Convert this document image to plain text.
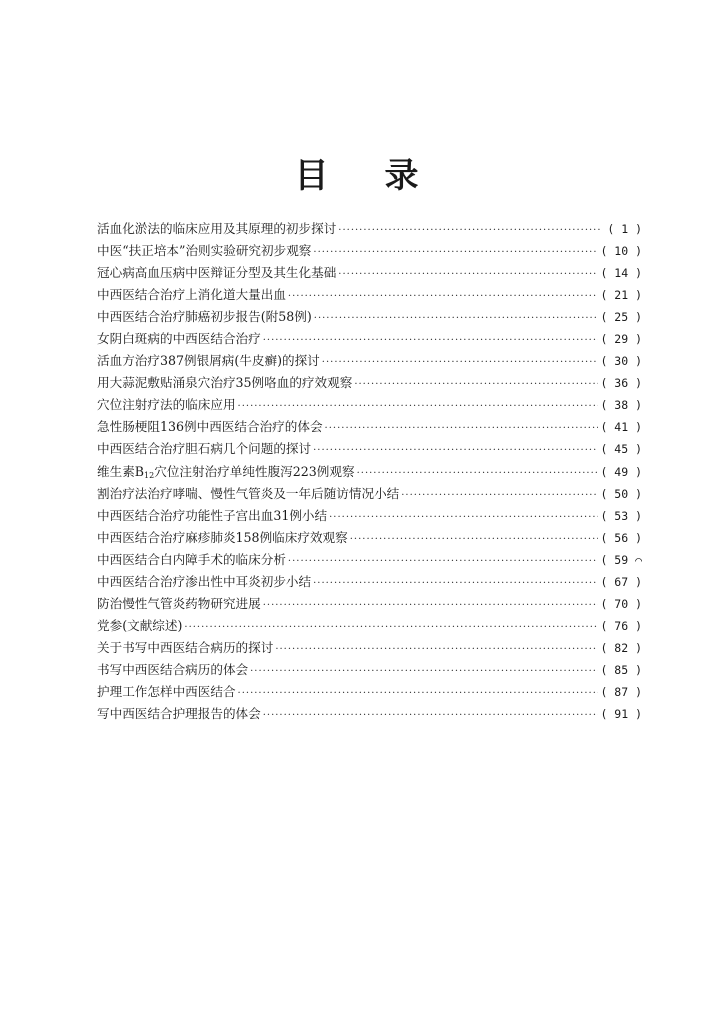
目 录
活血化淤法的临床应用及其原理的初步探讨 ·····	( 1 )
中医“扶正培本”治则实验研究初步观察 ·····	( 10 )
冠心病高血压病中医辩证分型及其生化基础 ·····	( 14 )
中西医结合治疗上消化道大量出血 ·····	( 21 )
中西医结合治疗肺癌初步报告(附58例) ·····	( 25 )
女阴白斑病的中西医结合治疗 ·····	( 29 )
活血方治疗387例银屑病(牛皮癣)的探讨 ·····	( 30 )
用大蒜泥敷贴涌泉穴治疗35例咯血的疗效观察 ·····	( 36 )
穴位注射疗法的临床应用 ·····	( 38 )
急性肠梗阻136例中西医结合治疗的体会 ·····	( 41 )
中西医结合治疗胆石病几个问题的探讨 ·····	( 45 )
维生素$B_{12}$穴位注射治疗单纯性腹泻223例观察 ·····	( 49 )
割治疗法治疗哮喘、慢性气管炎及一年后随访情况小结 ·····	( 50 )
中西医结合治疗功能性子宫出血31例小结 ·····	( 53 )
中西医结合治疗麻疹肺炎158例临床疗效观察 ·····	( 56 )
中西医结合白内障手术的临床分析 ·····	( 59 ⌒
中西医结合治疗渗出性中耳炎初步小结 ·····	( 67 )
防治慢性气管炎药物研究进展 ·····	( 70 )
党参(文献综述) ·····	( 76 )
关于书写中西医结合病历的探讨 ·····	( 82 )
书写中西医结合病历的体会 ·····	( 85 )
护理工作怎样中西医结合 ·····	( 87 )
写中西医结合护理报告的体会 ·····	( 91 )
